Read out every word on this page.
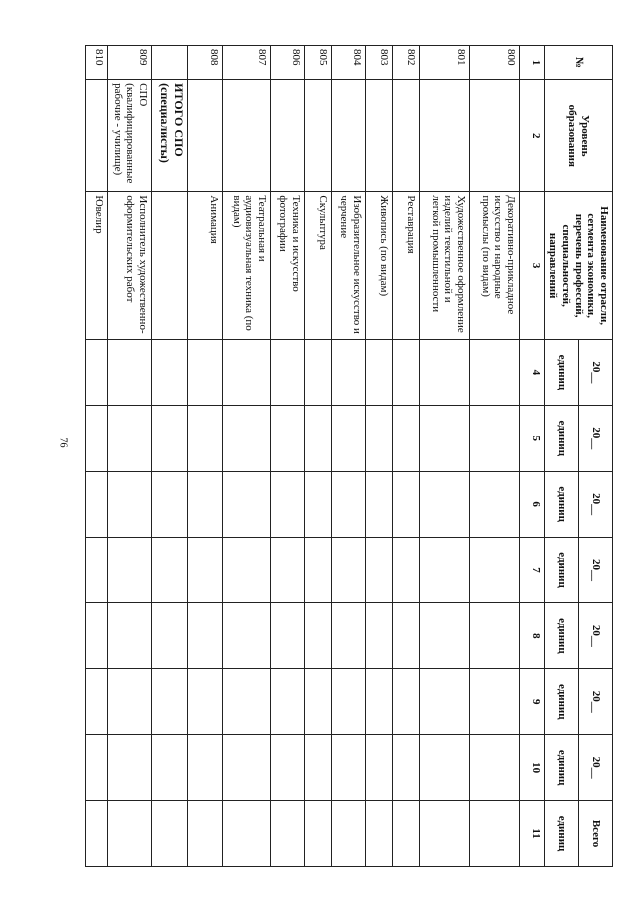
76
№	Уровень образования	Наименование отрасли, сегмента экономики, перечень профессий, специальностей, направлений	20__	20__	20__	20__	20__	20__	20__	Всего
			единиц	единиц	единиц	единиц	единиц	единиц	единиц	единиц
1	2	3	4	5	6	7	8	9	10	11
800		Декоративно-прикладное искусство и народные промыслы (по видам)								
801		Художественное оформление изделий текстильной и легкой промышленности								
802		Реставрация								
803		Живопись (по видам)								
804		Изобразительное искусство и черчение								
805		Скульптура								
806		Техника и искусство фотографии								
807		Театральная и аудиовизуальная техника (по видам)								
808		Анимация								
	ИТОГО СПО (специалисты)									
809	СПО (квалифицированные рабочие - училище)	Исполнитель художественно-оформительских работ								
810		Ювелир								
